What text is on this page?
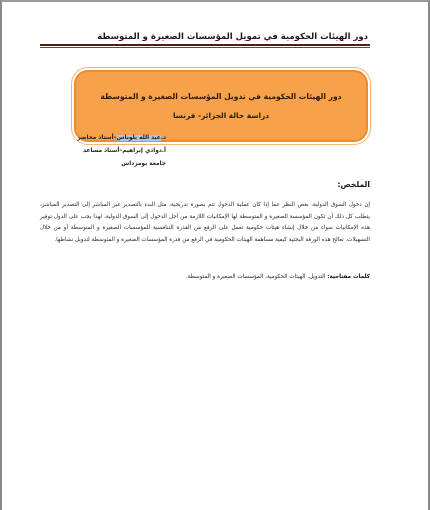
دور الهيئات الحكومية في تمويل المؤسسات الصغيرة و المتوسطة
دور الهيئات الحكومية في تدويل المؤسسات الصغيرة و المتوسطة
دراسة حالة الجزائر- فرنسا
د.عبد الله بلوناس–أستاذ محاضر
أ.دوادي إبراهيم–أستاذ مساعد
جامعة بومرداس
الملخص:
إن دخول السوق الدولية، بغض النظر عما إذا كان عملية الدخول تتم بصورة تدريجية، مثل البدء بالتصدير غير المباشر إلى التصدير المباشر، يتطلب كل ذلك أن تكون المؤسسة الصغيرة و المتوسطة لها الإمكانيات اللازمة من أجل الدخول إلى السوق الدولية، لهذا يجب على الدول توفير هذه الإمكانيات سواء من خلال إنشاء هيئات حكومية تعمل على الرفع من القدرة التنافسية للمؤسسات الصغيرة و المتوسطة أو من خلال التسهيلات. تعالج هذه الورقة البحثية كيفية مساهمة الهيئات الحكومية في الرفع من قدرة المؤسسات الصغيرة و المتوسطة لتدويل نشاطها.
كلمات مفتاحية: التدويل، الهيئات الحكومية، المؤسسات الصغيرة و المتوسطة.
